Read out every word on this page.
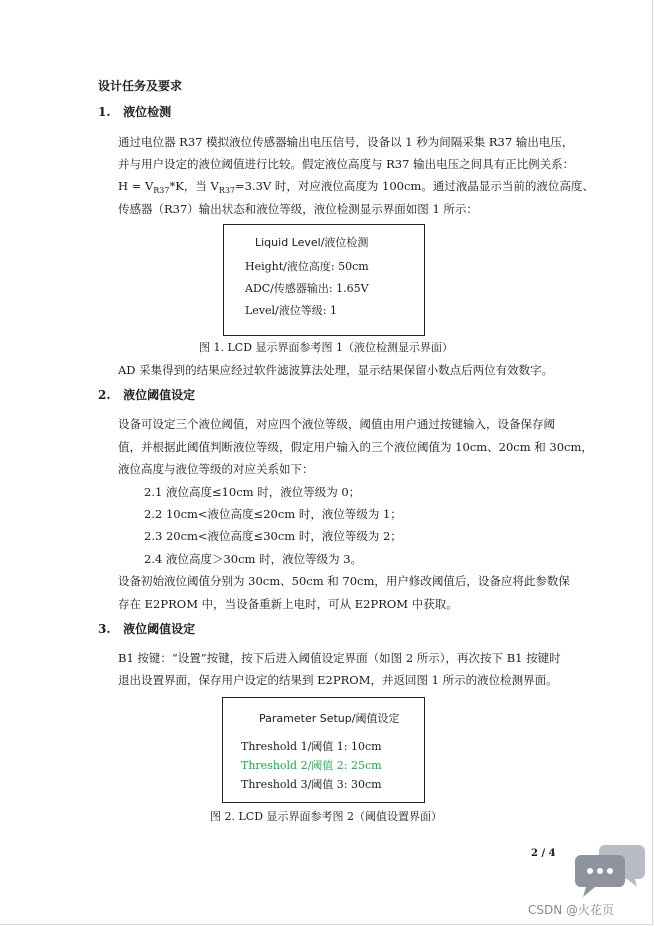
设计任务及要求
1. 液位检测
通过电位器 R37 模拟液位传感器输出电压信号，设备以 1 秒为间隔采集 R37 输出电压，
并与用户设定的液位阈值进行比较。假定液位高度与 R37 输出电压之间具有正比例关系：
$H = V_{R37}*K$，当 $V_{R37}=3.3V$ 时，对应液位高度为 100cm。通过液晶显示当前的液位高度、
传感器（R37）输出状态和液位等级，液位检测显示界面如图 1 所示：
Liquid Level/液位检测
Height/液位高度: 50cm
ADC/传感器输出: 1.65V
Level/液位等级: 1
图 1. LCD 显示界面参考图 1（液位检测显示界面）
AD 采集得到的结果应经过软件滤波算法处理，显示结果保留小数点后两位有效数字。
2. 液位阈值设定
设备可设定三个液位阈值，对应四个液位等级，阈值由用户通过按键输入，设备保存阈
值，并根据此阈值判断液位等级，假定用户输入的三个液位阈值为 10cm、20cm 和 30cm，
液位高度与液位等级的对应关系如下：
2.1 液位高度≤10cm 时，液位等级为 0；
2.2 10cm<液位高度≤20cm 时，液位等级为 1；
2.3 20cm<液位高度≤30cm 时，液位等级为 2；
2.4 液位高度＞30cm 时，液位等级为 3。
设备初始液位阈值分别为 30cm、50cm 和 70cm，用户修改阈值后，设备应将此参数保
存在 E2PROM 中，当设备重新上电时，可从 E2PROM 中获取。
3. 液位阈值设定
B1 按键：“设置”按键，按下后进入阈值设定界面（如图 2 所示），再次按下 B1 按键时
退出设置界面，保存用户设定的结果到 E2PROM，并返回图 1 所示的液位检测界面。
Parameter Setup/阈值设定
Threshold 1/阈值 1: 10cm
Threshold 2/阈值 2: 25cm
Threshold 3/阈值 3: 30cm
图 2. LCD 显示界面参考图 2（阈值设置界面）
2 / 4
CSDN @火花页
